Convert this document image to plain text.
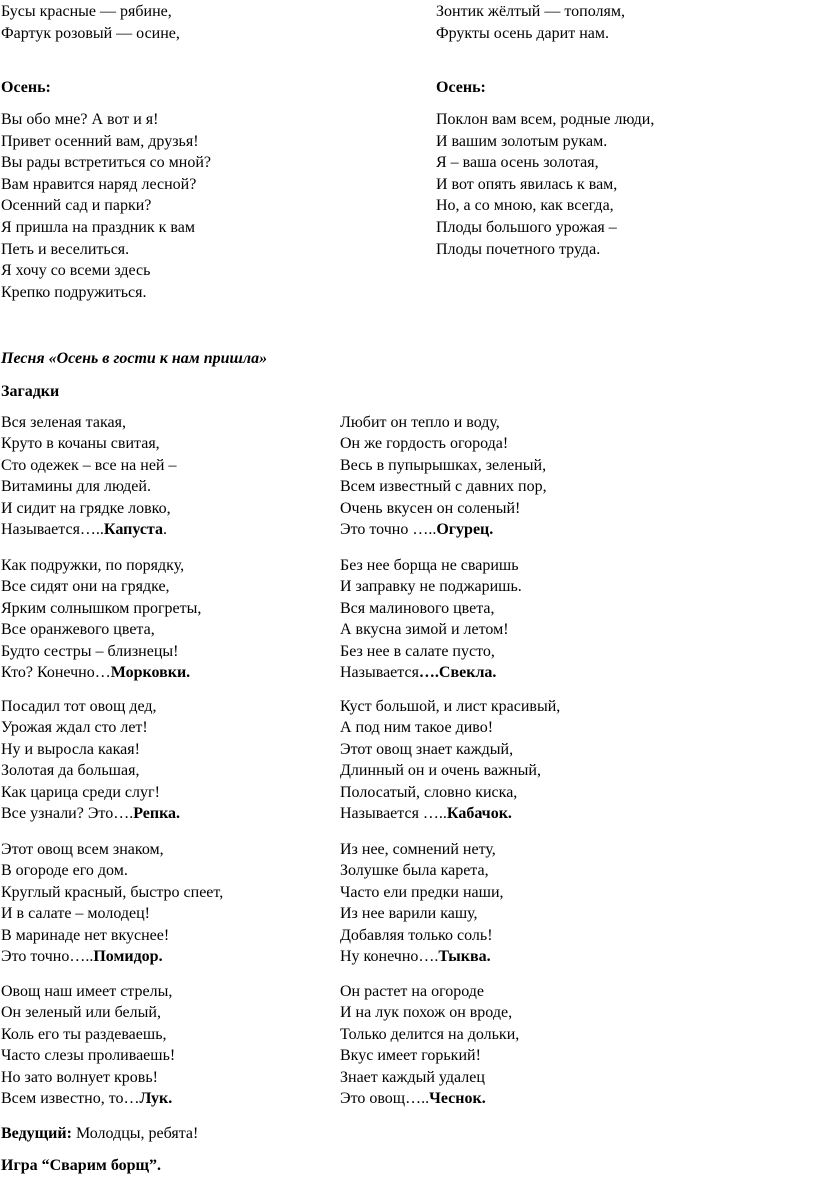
Бусы красные — рябине,
Фартук розовый — осине,
Зонтик жёлтый — тополям,
Фрукты осень дарит нам.
Осень:
Вы обо мне? А вот и я!
Привет осенний вам, друзья!
Вы рады встретиться со мной?
Вам нравится наряд лесной?
Осенний сад и парки?
Я пришла на праздник к вам
Петь и веселиться.
Я хочу со всеми здесь
Крепко подружиться.
Осень:
Поклон вам всем, родные люди,
И вашим золотым рукам.
Я – ваша осень золотая,
И вот опять явилась к вам,
Но, а со мною, как всегда,
Плоды большого урожая –
Плоды почетного труда.
Песня «Осень в гости к нам пришла»
Загадки
Вся зеленая такая,
Круто в кочаны свитая,
Сто одежек – все на ней –
Витамины для людей.
И сидит на грядке ловко,
Называется…..Капуста.
Любит он тепло и воду,
Он же гордость огорода!
Весь в пупырышках, зеленый,
Всем известный с давних пор,
Очень вкусен он соленый!
Это точно …..Огурец.
Как подружки, по порядку,
Все сидят они на грядке,
Ярким солнышком прогреты,
Все оранжевого цвета,
Будто сестры – близнецы!
Кто? Конечно…Морковки.
Без нее борща не сваришь
И заправку не поджаришь.
Вся малинового цвета,
А вкусна зимой и летом!
Без нее в салате пусто,
Называется….Свекла.
Посадил тот овощ дед,
Урожая ждал сто лет!
Ну и выросла какая!
Золотая да большая,
Как царица среди слуг!
Все узнали? Это….Репка.
Куст большой, и лист красивый,
А под ним такое диво!
Этот овощ знает каждый,
Длинный он и очень важный,
Полосатый, словно киска,
Называется …..Кабачок.
Этот овощ всем знаком,
В огороде его дом.
Круглый красный, быстро спеет,
И в салате – молодец!
В маринаде нет вкуснее!
Это точно…..Помидор.
Из нее, сомнений нету,
Золушке была карета,
Часто ели предки наши,
Из нее варили кашу,
Добавляя только соль!
Ну конечно….Тыква.
Овощ наш имеет стрелы,
Он зеленый или белый,
Коль его ты раздеваешь,
Часто слезы проливаешь!
Но зато волнует кровь!
Всем известно, то…Лук.
Он растет на огороде
И на лук похож он вроде,
Только делится на дольки,
Вкус имеет горький!
Знает каждый удалец
Это овощ…..Чеснок.
Ведущий: Молодцы, ребята!
Игра “Сварим борщ”.
